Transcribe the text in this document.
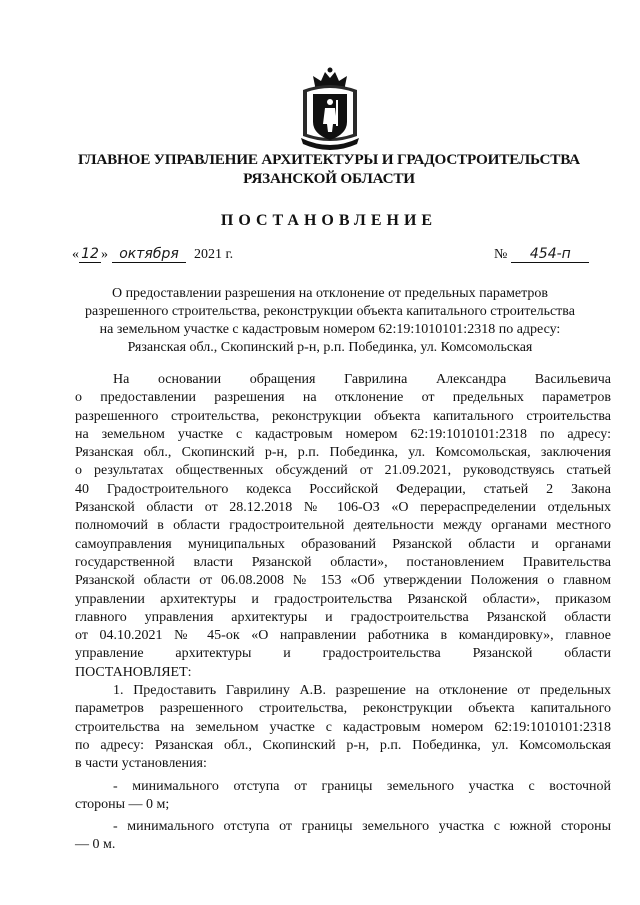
ГЛАВНОЕ УПРАВЛЕНИЕ АРХИТЕКТУРЫ И ГРАДОСТРОИТЕЛЬСТВА
РЯЗАНСКОЙ ОБЛАСТИ
ПОСТАНОВЛЕНИЕ
« 12 » октября	2021 г.	№	454-п
О предоставлении разрешения на отклонение от предельных параметров
разрешенного строительства, реконструкции объекта капитального строительства
на земельном участке с кадастровым номером 62:19:1010101:2318 по адресу:
Рязанская обл., Скопинский р-н, р.п. Побединка, ул. Комсомольская
На основании обращения Гаврилина Александра Васильевича
о предоставлении разрешения на отклонение от предельных параметров
разрешенного строительства, реконструкции объекта капитального строительства
на земельном участке с кадастровым номером 62:19:1010101:2318 по адресу:
Рязанская обл., Скопинский р-н, р.п. Побединка, ул. Комсомольская, заключения
о результатах общественных обсуждений от 21.09.2021, руководствуясь статьей
40 Градостроительного кодекса Российской Федерации, статьей 2 Закона
Рязанской области от 28.12.2018 № 106-ОЗ «О перераспределении отдельных
полномочий в области градостроительной деятельности между органами местного
самоуправления муниципальных образований Рязанской области и органами
государственной власти Рязанской области», постановлением Правительства
Рязанской области от 06.08.2008 № 153 «Об утверждении Положения о главном
управлении архитектуры и градостроительства Рязанской области», приказом
главного управления архитектуры и градостроительства Рязанской области
от 04.10.2021 № 45-ок «О направлении работника в командировку», главное
управление архитектуры и градостроительства Рязанской области
ПОСТАНОВЛЯЕТ:
1. Предоставить Гаврилину А.В. разрешение на отклонение от предельных
параметров разрешенного строительства, реконструкции объекта капитального
строительства на земельном участке с кадастровым номером 62:19:1010101:2318
по адресу: Рязанская обл., Скопинский р-н, р.п. Побединка, ул. Комсомольская
в части установления:
- минимального отступа от границы земельного участка с восточной
стороны — 0 м;
- минимального отступа от границы земельного участка с южной стороны
— 0 м.
